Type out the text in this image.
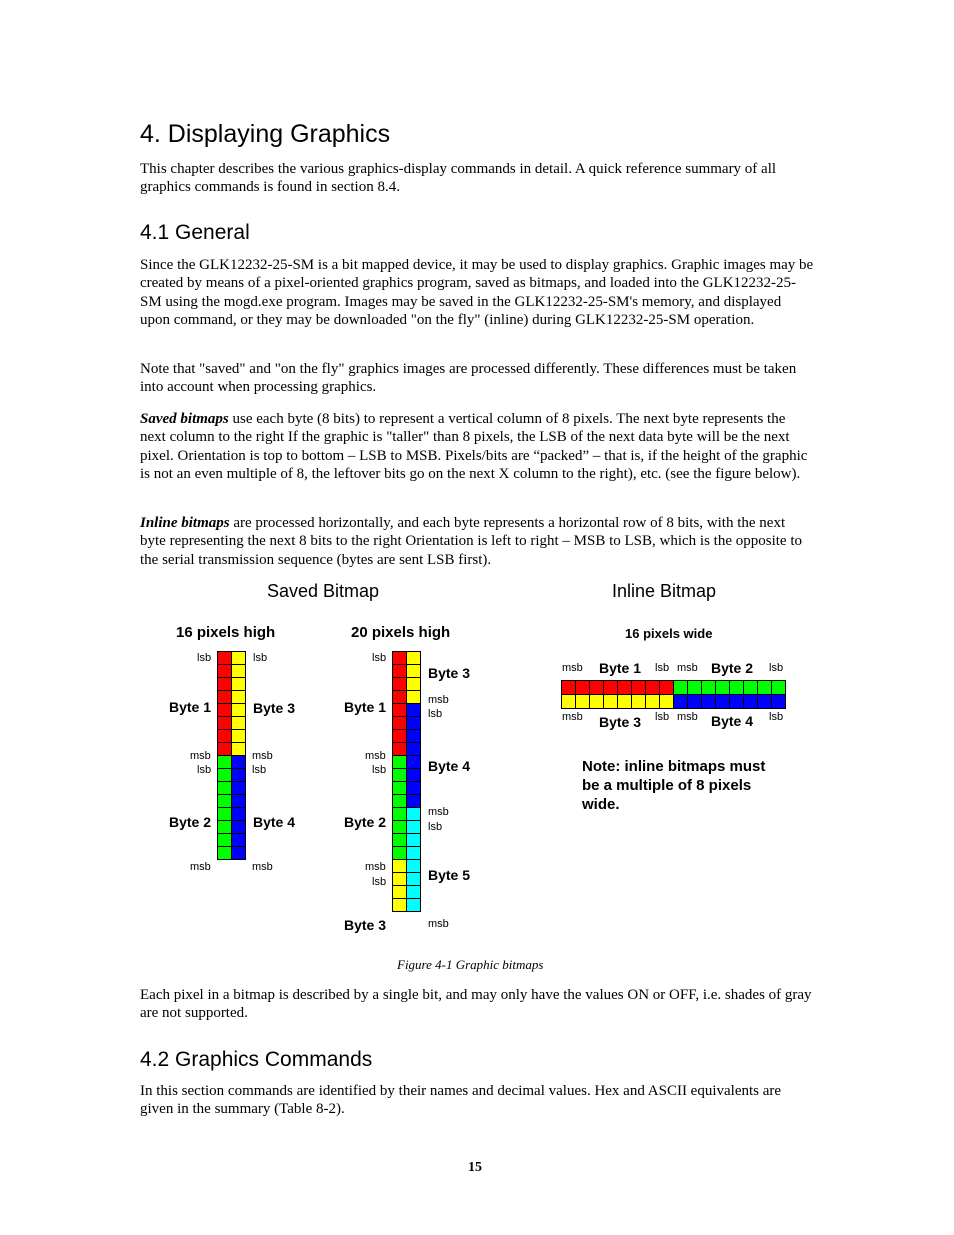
4. Displaying Graphics

This chapter describes the various graphics-display commands in detail. A quick reference summary of all graphics commands is found in section 8.4.

4.1 General

Since the GLK12232-25-SM is a bit mapped device, it may be used to display graphics. Graphic images may be created by means of a pixel-oriented graphics program, saved as bitmaps, and loaded into the GLK12232-25-SM using the mogd.exe program. Images may be saved in the GLK12232-25-SM's memory, and displayed upon command, or they may be downloaded "on the fly" (inline) during GLK12232-25-SM operation.

Note that "saved" and "on the fly" graphics images are processed differently. These differences must be taken into account when processing graphics.

Saved bitmaps use each byte (8 bits) to represent a vertical column of 8 pixels. The next byte represents the next column to the right If the graphic is "taller" than 8 pixels, the LSB of the next data byte will be the next pixel. Orientation is top to bottom – LSB to MSB. Pixels/bits are “packed” – that is, if the height of the graphic is not an even multiple of 8, the leftover bits go on the next X column to the right), etc. (see the figure below).

Inline bitmaps are processed horizontally, and each byte represents a horizontal row of 8 bits, with the next byte representing the next 8 bits to the right Orientation is left to right – MSB to LSB, which is the opposite to the serial transmission sequence (bytes are sent LSB first).

Saved Bitmap	Inline Bitmap
16 pixels high	20 pixels high	16 pixels wide
lsb	lsb
Byte 1	Byte 3
msb
lsb
msb
lsb
Byte 2	Byte 4
msb	msb
lsb
Byte 3
msb
lsb
Byte 1
msb
lsb	Byte 4
msb
lsb
Byte 2
msb
lsb	Byte 5
Byte 3	msb
msb Byte 1 lsb msb Byte 2 lsb
msb Byte 3 lsb msb Byte 4 lsb
Note: inline bitmaps must be a multiple of 8 pixels wide.
Figure 4-1 Graphic bitmaps

Each pixel in a bitmap is described by a single bit, and may only have the values ON or OFF, i.e. shades of gray are not supported.

4.2 Graphics Commands

In this section commands are identified by their names and decimal values. Hex and ASCII equivalents are given in the summary (Table 8-2).

15
